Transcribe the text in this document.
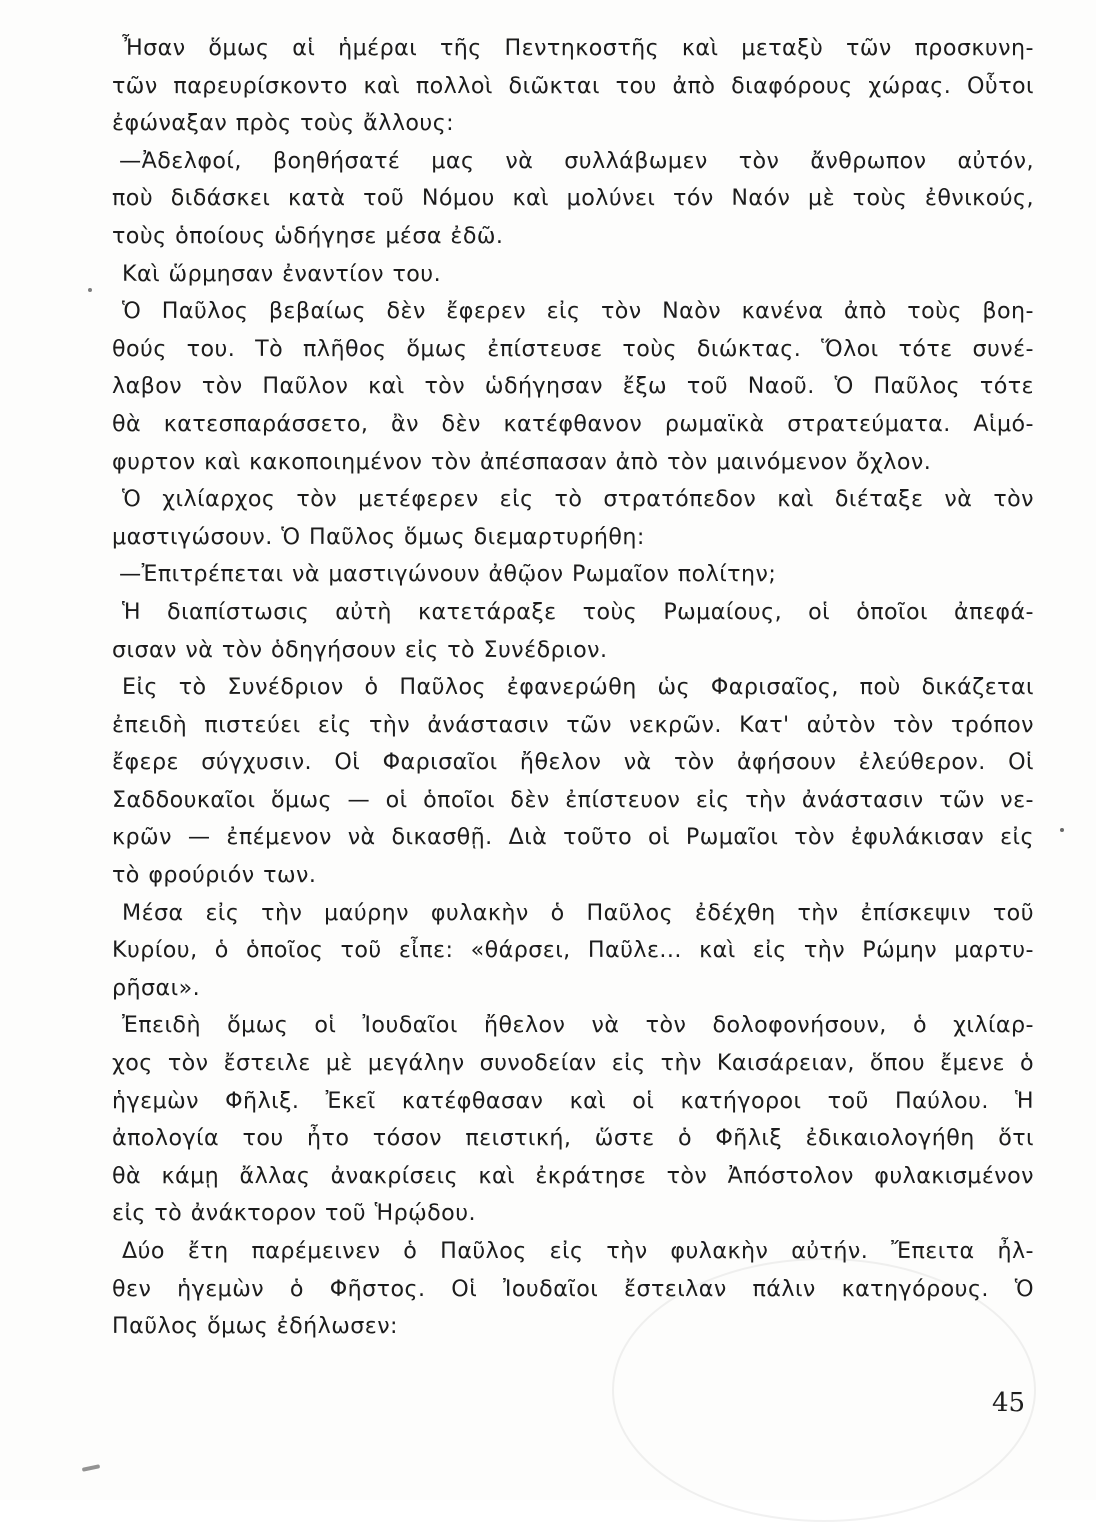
Ἦσαν ὅμως αἱ ἡμέραι τῆς Πεντηκοστῆς καὶ μεταξὺ τῶν προσκυνη-
τῶν παρευρίσκοντο καὶ πολλοὶ διῶκται του ἀπὸ διαφόρους χώρας. Οὗτοι
ἐφώναξαν πρὸς τοὺς ἄλλους:
—Ἀδελφοί, βοηθήσατέ μας νὰ συλλάβωμεν τὸν ἄνθρωπον αὐτόν,
ποὺ διδάσκει κατὰ τοῦ Νόμου καὶ μολύνει τόν Ναόν μὲ τοὺς ἐθνικούς,
τοὺς ὁποίους ὡδήγησε μέσα ἐδῶ.
Καὶ ὥρμησαν ἐναντίον του.
Ὁ Παῦλος βεβαίως δὲν ἔφερεν εἰς τὸν Ναὸν κανένα ἀπὸ τοὺς βοη-
θούς του. Τὸ πλῆθος ὅμως ἐπίστευσε τοὺς διώκτας. Ὅλοι τότε συνέ-
λαβον τὸν Παῦλον καὶ τὸν ὡδήγησαν ἔξω τοῦ Ναοῦ. Ὁ Παῦλος τότε
θὰ κατεσπαράσσετο, ἂν δὲν κατέφθανον ρωμαϊκὰ στρατεύματα. Αἱμό-
φυρτον καὶ κακοποιημένον τὸν ἀπέσπασαν ἀπὸ τὸν μαινόμενον ὄχλον.
Ὁ χιλίαρχος τὸν μετέφερεν εἰς τὸ στρατόπεδον καὶ διέταξε νὰ τὸν
μαστιγώσουν. Ὁ Παῦλος ὅμως διεμαρτυρήθη:
—Ἐπιτρέπεται νὰ μαστιγώνουν ἀθῷον Ρωμαῖον πολίτην;
Ἡ διαπίστωσις αὐτὴ κατετάραξε τοὺς Ρωμαίους, οἱ ὁποῖοι ἀπεφά-
σισαν νὰ τὸν ὁδηγήσουν εἰς τὸ Συνέδριον.
Εἰς τὸ Συνέδριον ὁ Παῦλος ἐφανερώθη ὡς Φαρισαῖος, ποὺ δικάζεται
ἐπειδὴ πιστεύει εἰς τὴν ἀνάστασιν τῶν νεκρῶν. Κατ' αὐτὸν τὸν τρόπον
ἔφερε σύγχυσιν. Οἱ Φαρισαῖοι ἤθελον νὰ τὸν ἀφήσουν ἐλεύθερον. Οἱ
Σαδδουκαῖοι ὅμως — οἱ ὁποῖοι δὲν ἐπίστευον εἰς τὴν ἀνάστασιν τῶν νε-
κρῶν — ἐπέμενον νὰ δικασθῇ. Διὰ τοῦτο οἱ Ρωμαῖοι τὸν ἐφυλάκισαν εἰς
τὸ φρούριόν των.
Μέσα εἰς τὴν μαύρην φυλακὴν ὁ Παῦλος ἐδέχθη τὴν ἐπίσκεψιν τοῦ
Κυρίου, ὁ ὁποῖος τοῦ εἶπε: «θάρσει, Παῦλε... καὶ εἰς τὴν Ρώμην μαρτυ-
ρῆσαι».
Ἐπειδὴ ὅμως οἱ Ἰουδαῖοι ἤθελον νὰ τὸν δολοφονήσουν, ὁ χιλίαρ-
χος τὸν ἔστειλε μὲ μεγάλην συνοδείαν εἰς τὴν Καισάρειαν, ὅπου ἔμενε ὁ
ἡγεμὼν Φῆλιξ. Ἐκεῖ κατέφθασαν καὶ οἱ κατήγοροι τοῦ Παύλου. Ἡ
ἀπολογία του ἦτο τόσον πειστική, ὥστε ὁ Φῆλιξ ἐδικαιολογήθη ὅτι
θὰ κάμῃ ἄλλας ἀνακρίσεις καὶ ἐκράτησε τὸν Ἀπόστολον φυλακισμένον
εἰς τὸ ἀνάκτορον τοῦ Ἡρῴδου.
Δύο ἔτη παρέμεινεν ὁ Παῦλος εἰς τὴν φυλακὴν αὐτήν. Ἔπειτα ἦλ-
θεν ἡγεμὼν ὁ Φῆστος. Οἱ Ἰουδαῖοι ἔστειλαν πάλιν κατηγόρους. Ὁ
Παῦλος ὅμως ἐδήλωσεν:
45
